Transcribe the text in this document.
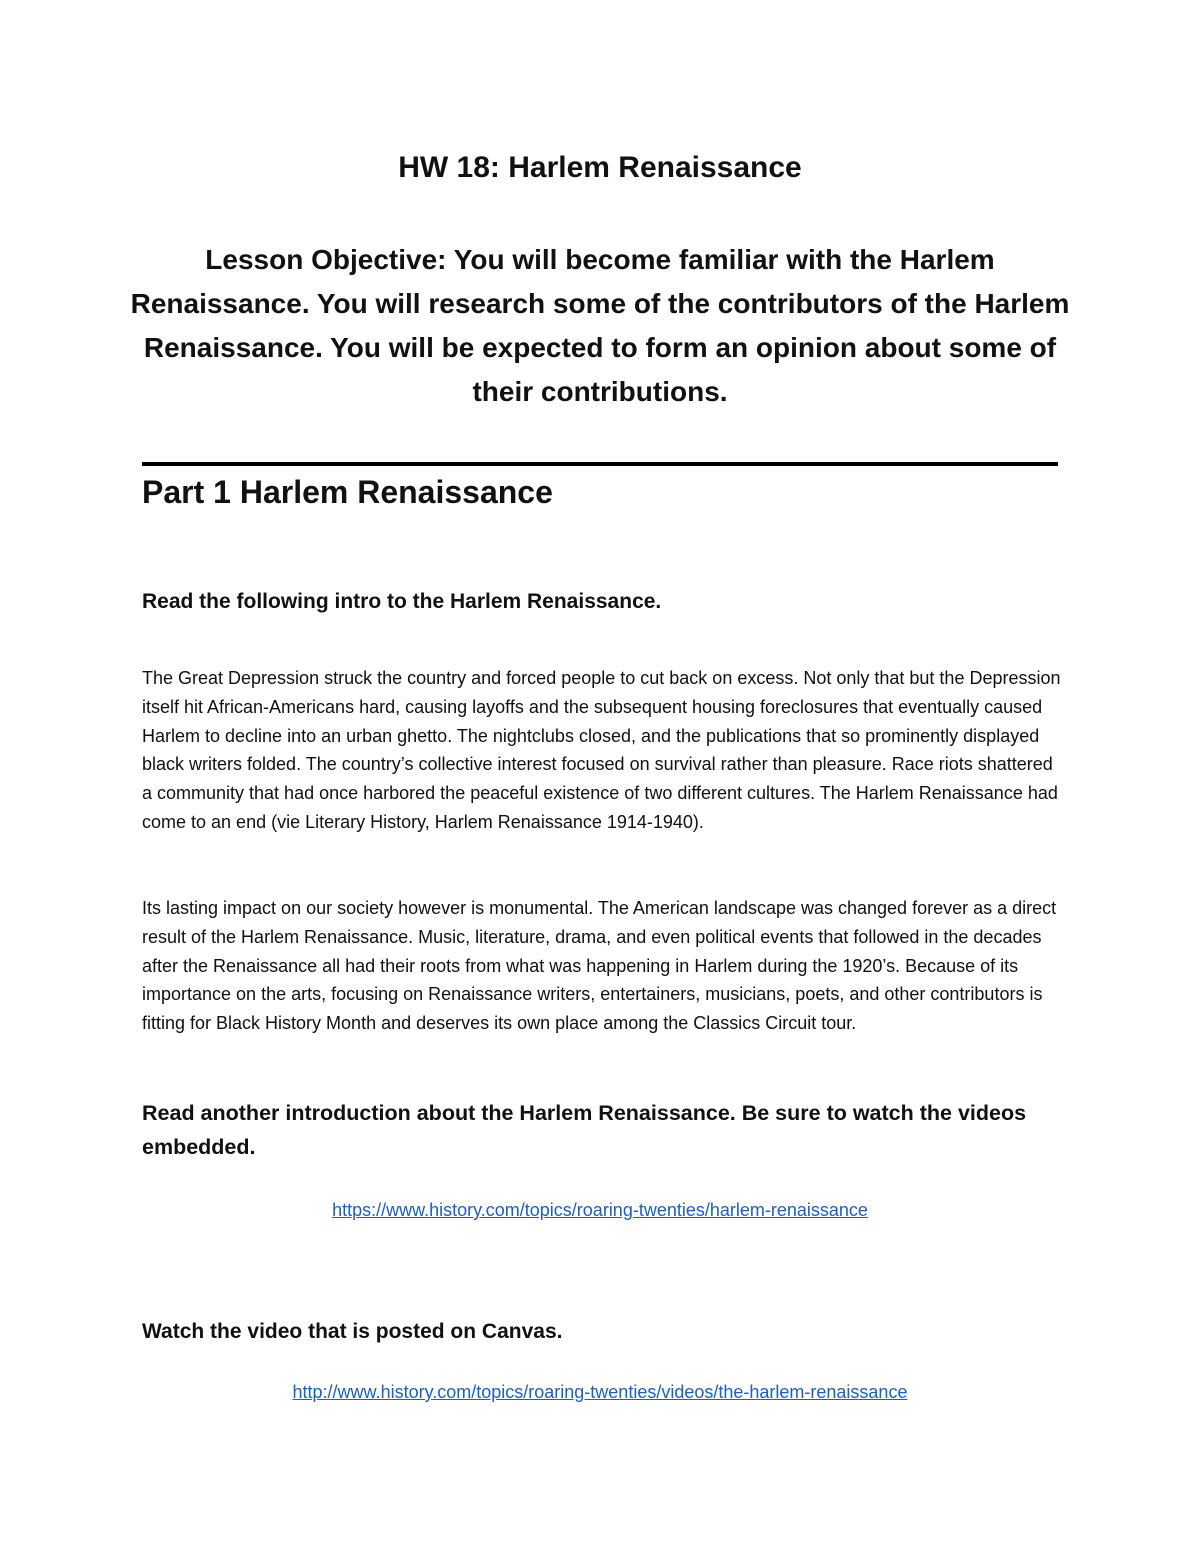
HW 18: Harlem Renaissance
Lesson Objective: You will become familiar with the Harlem Renaissance. You will research some of the contributors of the Harlem Renaissance. You will be expected to form an opinion about some of their contributions.
Part 1 Harlem Renaissance
Read the following intro to the Harlem Renaissance.
The Great Depression struck the country and forced people to cut back on excess. Not only that but the Depression itself hit African-Americans hard, causing layoffs and the subsequent housing foreclosures that eventually caused Harlem to decline into an urban ghetto. The nightclubs closed, and the publications that so prominently displayed black writers folded. The country’s collective interest focused on survival rather than pleasure. Race riots shattered a community that had once harbored the peaceful existence of two different cultures. The Harlem Renaissance had come to an end (vie Literary History, Harlem Renaissance 1914-1940).
Its lasting impact on our society however is monumental. The American landscape was changed forever as a direct result of the Harlem Renaissance. Music, literature, drama, and even political events that followed in the decades after the Renaissance all had their roots from what was happening in Harlem during the 1920’s. Because of its importance on the arts, focusing on Renaissance writers, entertainers, musicians, poets, and other contributors is fitting for Black History Month and deserves its own place among the Classics Circuit tour.
Read another introduction about the Harlem Renaissance. Be sure to watch the videos embedded.
https://www.history.com/topics/roaring-twenties/harlem-renaissance
Watch the video that is posted on Canvas.
http://www.history.com/topics/roaring-twenties/videos/the-harlem-renaissance
